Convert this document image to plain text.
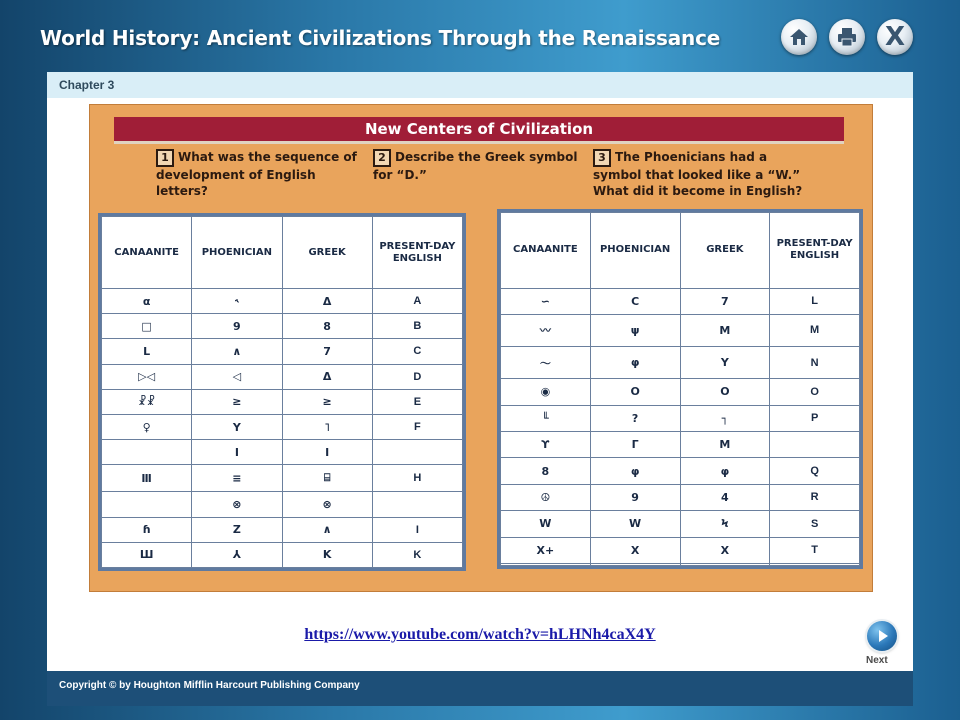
World History: Ancient Civilizations Through the Renaissance	X
Chapter 3
New Centers of Civilization
1 What was the sequence of development of English letters?
2 Describe the Greek symbol for “D.”
3 The Phoenicians had a symbol that looked like a “W.” What did it become in English?
CANAANITE	PHOENICIAN	GREEK	PRESENT-DAY ENGLISH
α	˞	Δ	A
□	9	8	B
L	∧	7	C
▷◁	◁	Δ	D
☧☧	≥	≥	E
♀	Y	˥	F
	I	I	
Ⅲ	≡	⌸	H
	⊗	⊗	
ɦ	Z	∧	I
Ш	⅄	K	K
CANAANITE	PHOENICIAN	GREEK	PRESENT-DAY ENGLISH
∽	С	7	L
〰	ψ	M	M
〜	φ	Υ	N
◉	O	O	O
╙	?	┐	P
ϒ	Γ	M	
8	φ	φ	Q
☮	9	4	R
W	W	Ϟ	S
X+	X	X	T

https://www.youtube.com/watch?v=hLHNh4caX4Y
Next
Copyright © by Houghton Mifflin Harcourt Publishing Company
